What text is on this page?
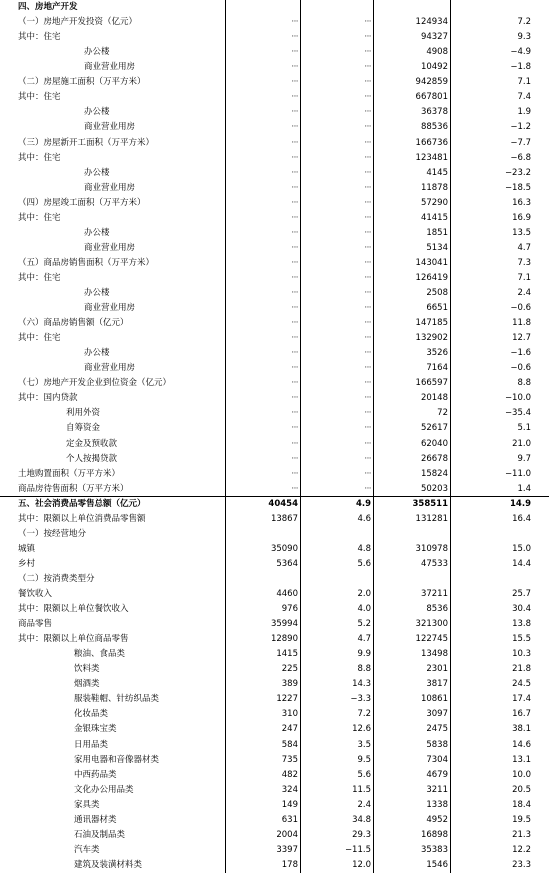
四、房地产开发
（一）房地产开发投资（亿元）	···	···	124934	7.2
其中：住宅	···	···	94327	9.3
办公楼	···	···	4908	−4.9
商业营业用房	···	···	10492	−1.8
（二）房屋施工面积（万平方米）	···	···	942859	7.1
其中：住宅	···	···	667801	7.4
办公楼	···	···	36378	1.9
商业营业用房	···	···	88536	−1.2
（三）房屋新开工面积（万平方米）	···	···	166736	−7.7
其中：住宅	···	···	123481	−6.8
办公楼	···	···	4145	−23.2
商业营业用房	···	···	11878	−18.5
（四）房屋竣工面积（万平方米）	···	···	57290	16.3
其中：住宅	···	···	41415	16.9
办公楼	···	···	1851	13.5
商业营业用房	···	···	5134	4.7
（五）商品房销售面积（万平方米）	···	···	143041	7.3
其中：住宅	···	···	126419	7.1
办公楼	···	···	2508	2.4
商业营业用房	···	···	6651	−0.6
（六）商品房销售额（亿元）	···	···	147185	11.8
其中：住宅	···	···	132902	12.7
办公楼	···	···	3526	−1.6
商业营业用房	···	···	7164	−0.6
（七）房地产开发企业到位资金（亿元）	···	···	166597	8.8
其中：国内贷款	···	···	20148	−10.0
利用外资	···	···	72	−35.4
自筹资金	···	···	52617	5.1
定金及预收款	···	···	62040	21.0
个人按揭贷款	···	···	26678	9.7
土地购置面积（万平方米）	···	···	15824	−11.0
商品房待售面积（万平方米）	···	···	50203	1.4
五、社会消费品零售总额（亿元）	40454	4.9	358511	14.9
其中：限额以上单位消费品零售额	13867	4.6	131281	16.4
（一）按经营地分
城镇	35090	4.8	310978	15.0
乡村	5364	5.6	47533	14.4
（二）按消费类型分
餐饮收入	4460	2.0	37211	25.7
其中：限额以上单位餐饮收入	976	4.0	8536	30.4
商品零售	35994	5.2	321300	13.8
其中：限额以上单位商品零售	12890	4.7	122745	15.5
粮油、食品类	1415	9.9	13498	10.3
饮料类	225	8.8	2301	21.8
烟酒类	389	14.3	3817	24.5
服装鞋帽、针纺织品类	1227	−3.3	10861	17.4
化妆品类	310	7.2	3097	16.7
金银珠宝类	247	12.6	2475	38.1
日用品类	584	3.5	5838	14.6
家用电器和音像器材类	735	9.5	7304	13.1
中西药品类	482	5.6	4679	10.0
文化办公用品类	324	11.5	3211	20.5
家具类	149	2.4	1338	18.4
通讯器材类	631	34.8	4952	19.5
石油及制品类	2004	29.3	16898	21.3
汽车类	3397	−11.5	35383	12.2
建筑及装潢材料类	178	12.0	1546	23.3
